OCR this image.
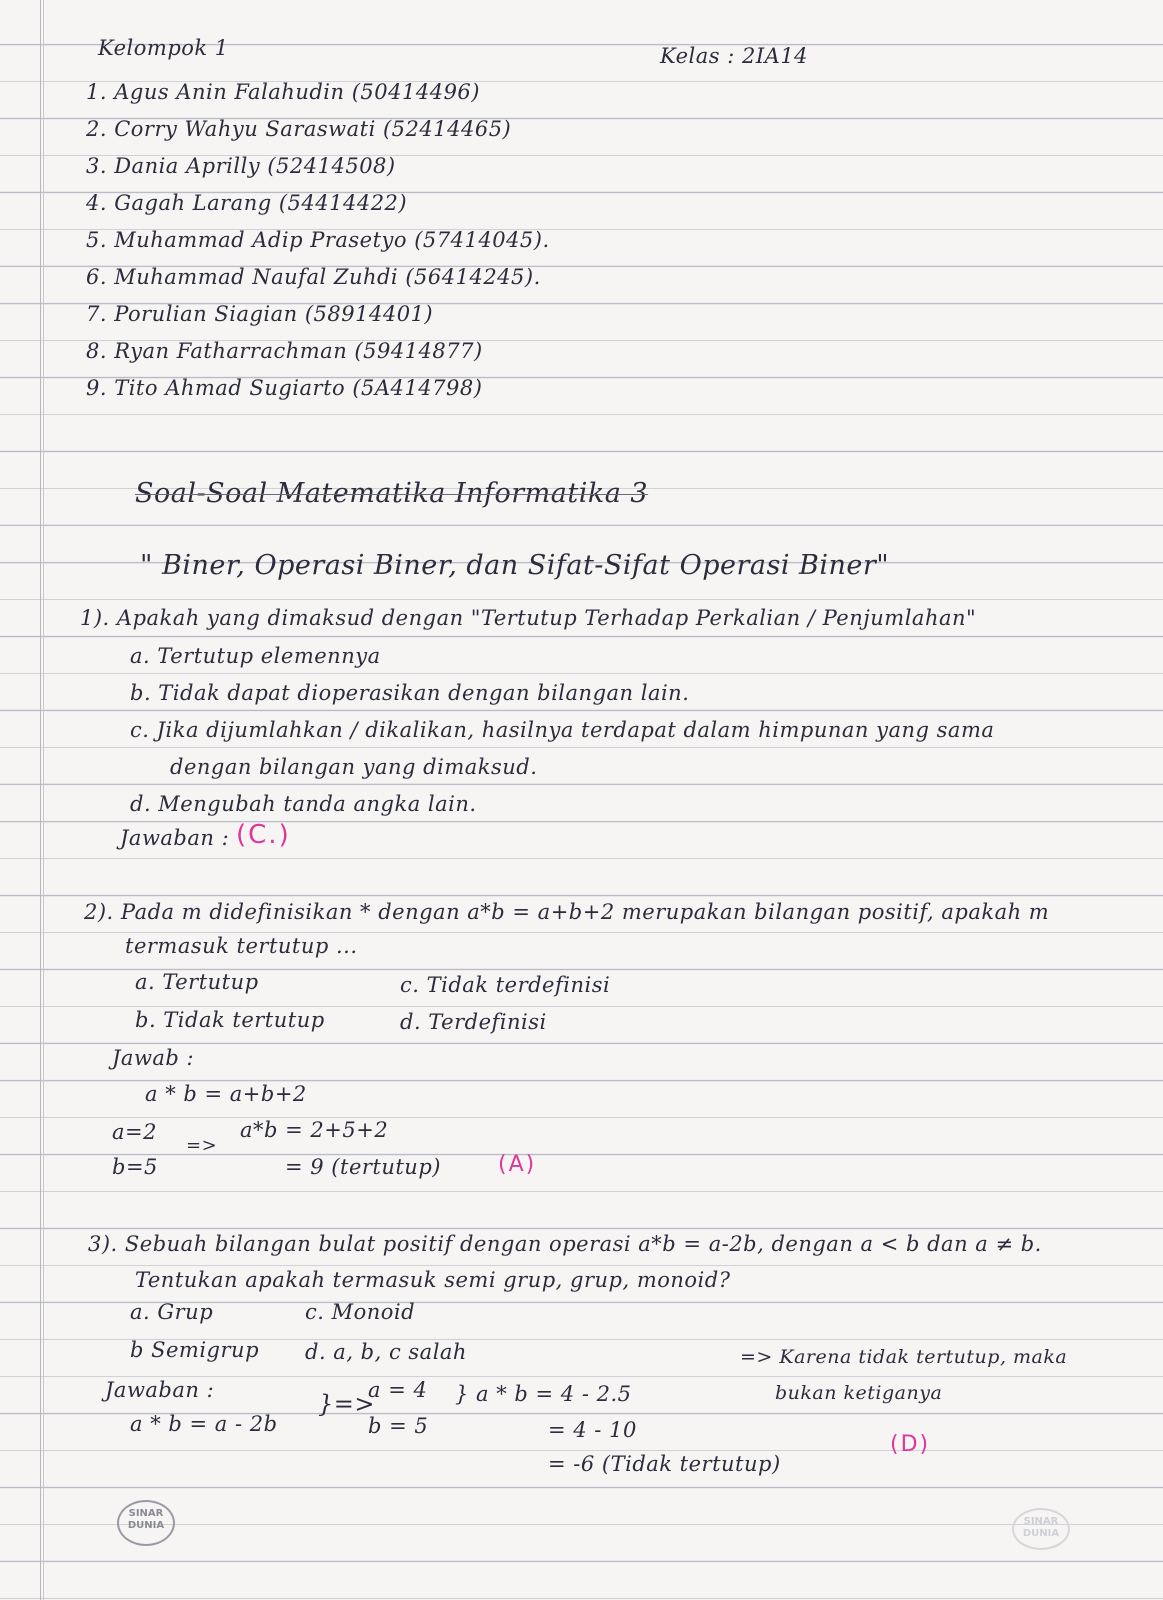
Kelompok 1	Kelas : 2IA14
1. Agus Anin Falahudin (50414496)
2. Corry Wahyu Saraswati (52414465)
3. Dania Aprilly (52414508)
4. Gagah Larang (54414422)
5. Muhammad Adip Prasetyo (57414045).
6. Muhammad Naufal Zuhdi (56414245).
7. Porulian Siagian (58914401)
8. Ryan Fatharrachman (59414877)
9. Tito Ahmad Sugiarto (5A414798)
Soal-Soal Matematika Informatika 3
" Biner, Operasi Biner, dan Sifat-Sifat Operasi Biner"
1). Apakah yang dimaksud dengan "Tertutup Terhadap Perkalian / Penjumlahan"
a. Tertutup elemennya
b. Tidak dapat dioperasikan dengan bilangan lain.
c. Jika dijumlahkan / dikalikan, hasilnya terdapat dalam himpunan yang sama
dengan bilangan yang dimaksud.
d. Mengubah tanda angka lain.
Jawaban : (C.)
2). Pada m didefinisikan * dengan a*b = a+b+2 merupakan bilangan positif, apakah m
termasuk tertutup ...
a. Tertutup	c. Tidak terdefinisi
b. Tidak tertutup	d. Terdefinisi
Jawab :
a * b = a+b+2
a=2
b=5
=>
a*b = 2+5+2
= 9 (tertutup)	(A)
3). Sebuah bilangan bulat positif dengan operasi a*b = a-2b, dengan a < b dan a ≠ b.
Tentukan apakah termasuk semi grup, grup, monoid?
a. Grup	c. Monoid
b Semigrup d. a, b, c salah	=> Karena tidak tertutup, maka
bukan ketiganya
Jawaban :
a * b = a - 2b
}=>
a = 4
b = 5
} a * b = 4 - 2.5
= 4 - 10
= -6 (Tidak tertutup)
(D)
SINAR DUNIA	SINAR DUNIA
